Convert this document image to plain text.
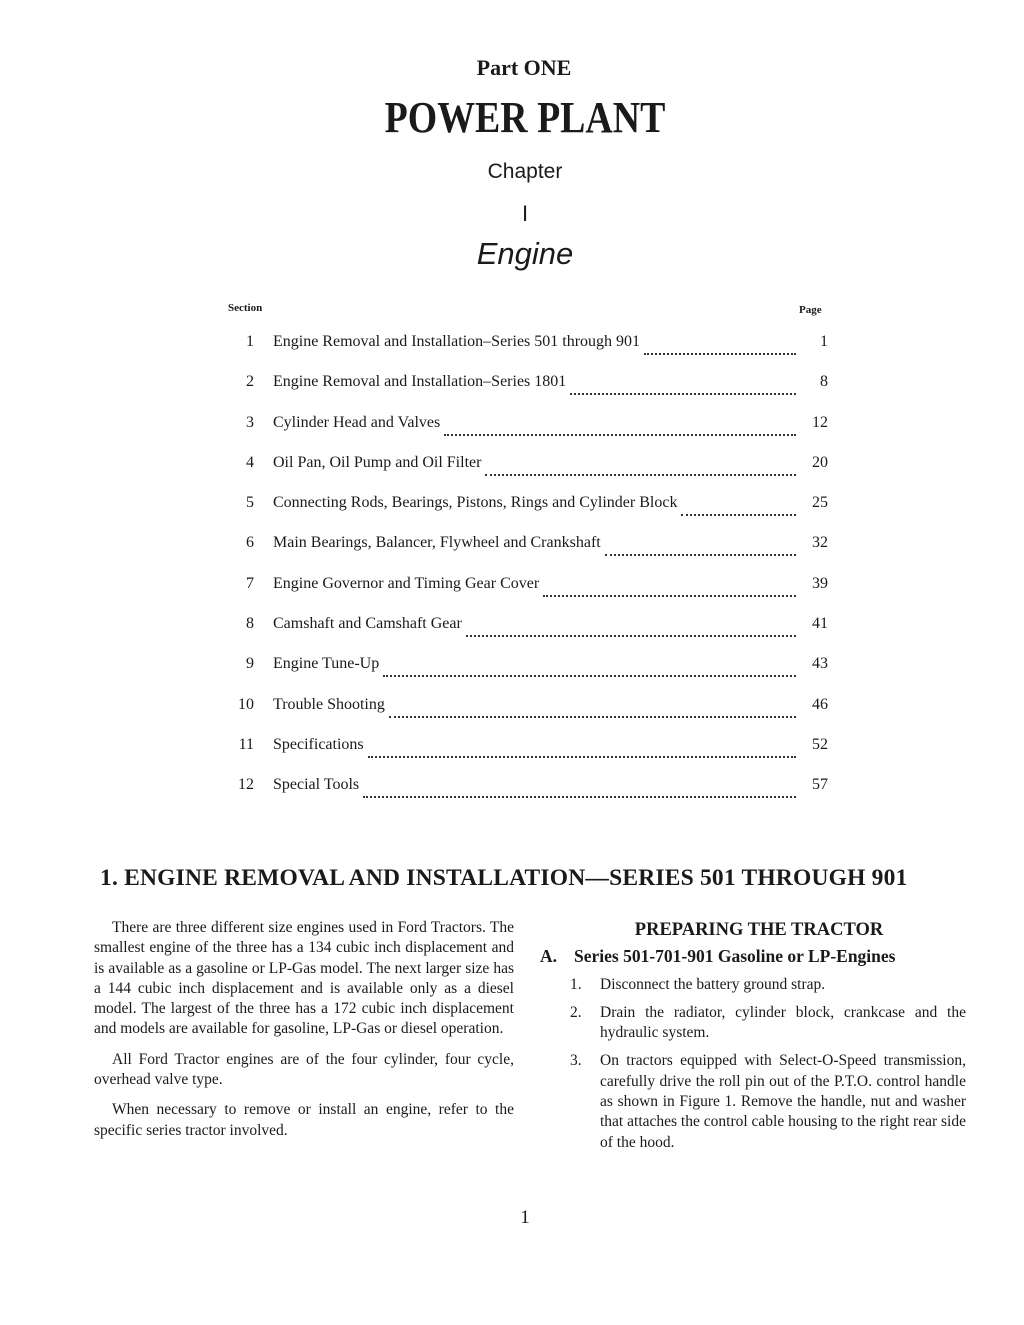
Part ONE
POWER PLANT
Chapter
I
Engine
Section	Page
1 Engine Removal and Installation–Series 501 through 901	1
2 Engine Removal and Installation–Series 1801	8
3 Cylinder Head and Valves	12
4 Oil Pan, Oil Pump and Oil Filter	20
5 Connecting Rods, Bearings, Pistons, Rings and Cylinder Block	25
6 Main Bearings, Balancer, Flywheel and Crankshaft	32
7 Engine Governor and Timing Gear Cover	39
8 Camshaft and Camshaft Gear	41
9 Engine Tune-Up	43
10 Trouble Shooting	46
11 Specifications	52
12 Special Tools	57
1. ENGINE REMOVAL AND INSTALLATION—SERIES 501 THROUGH 901

There are three different size engines used in Ford Tractors. The smallest engine of the three has a 134 cubic inch displacement and is available as a gasoline or LP-Gas model. The next larger size has a 144 cubic inch displacement and is available only as a diesel model. The largest of the three has a 172 cubic inch displacement and models are available for gasoline, LP-Gas or diesel operation.

All Ford Tractor engines are of the four cylinder, four cycle, overhead valve type.

When necessary to remove or install an engine, refer to the specific series tractor involved.

PREPARING THE TRACTOR
A. Series 501-701-901 Gasoline or LP-Engines
1. Disconnect the battery ground strap.
2. Drain the radiator, cylinder block, crankcase and the hydraulic system.
3. On tractors equipped with Select-O-Speed transmission, carefully drive the roll pin out of the P.T.O. control handle as shown in Figure 1. Remove the handle, nut and washer that attaches the control cable housing to the right rear side of the hood.
1
